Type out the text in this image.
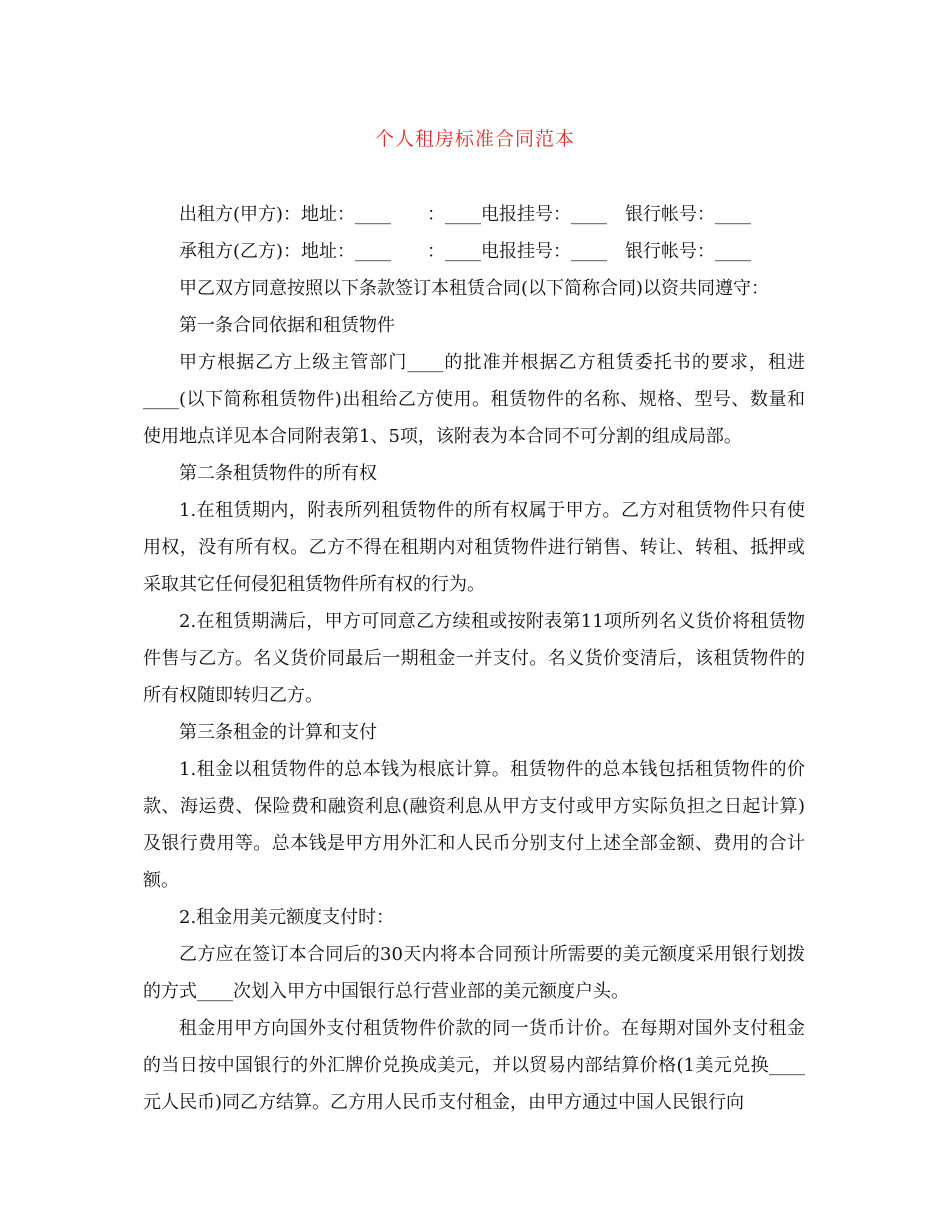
个人租房标准合同范本

出租方(甲方)：地址：____　　：____电报挂号：____　银行帐号：____

承租方(乙方)：地址：____　　：____电报挂号：____　银行帐号：____

甲乙双方同意按照以下条款签订本租赁合同(以下简称合同)以资共同遵守：

第一条合同依据和租赁物件

甲方根据乙方上级主管部门____的批准并根据乙方租赁委托书的要求，租进____(以下简称租赁物件)出租给乙方使用。租赁物件的名称、规格、型号、数量和使用地点详见本合同附表第1、5项，该附表为本合同不可分割的组成局部。

第二条租赁物件的所有权

1.在租赁期内，附表所列租赁物件的所有权属于甲方。乙方对租赁物件只有使用权，没有所有权。乙方不得在租期内对租赁物件进行销售、转让、转租、抵押或采取其它任何侵犯租赁物件所有权的行为。

2.在租赁期满后，甲方可同意乙方续租或按附表第11项所列名义货价将租赁物件售与乙方。名义货价同最后一期租金一并支付。名义货价变清后，该租赁物件的所有权随即转归乙方。

第三条租金的计算和支付

1.租金以租赁物件的总本钱为根底计算。租赁物件的总本钱包括租赁物件的价款、海运费、保险费和融资利息(融资利息从甲方支付或甲方实际负担之日起计算)及银行费用等。总本钱是甲方用外汇和人民币分别支付上述全部金额、费用的合计额。

2.租金用美元额度支付时：

乙方应在签订本合同后的30天内将本合同预计所需要的美元额度采用银行划拨的方式____次划入甲方中国银行总行营业部的美元额度户头。

租金用甲方向国外支付租赁物件价款的同一货币计价。在每期对国外支付租金的当日按中国银行的外汇牌价兑换成美元，并以贸易内部结算价格(1美元兑换____元人民币)同乙方结算。乙方用人民币支付租金，由甲方通过中国人民银行向
